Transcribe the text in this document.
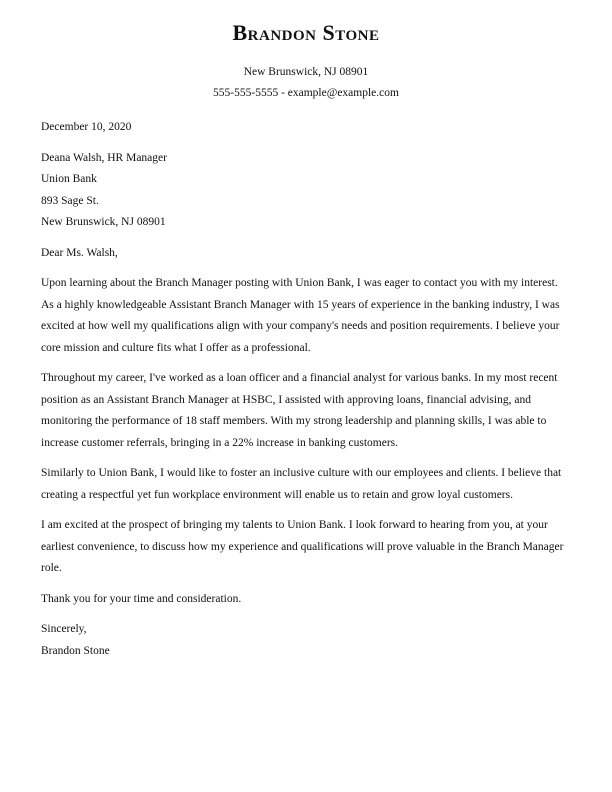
Brandon Stone

New Brunswick, NJ 08901

555-555-5555 - example@example.com

December 10, 2020

Deana Walsh, HR Manager

Union Bank

893 Sage St.

New Brunswick, NJ 08901

Dear Ms. Walsh,

Upon learning about the Branch Manager posting with Union Bank, I was eager to contact you with my interest. As a highly knowledgeable Assistant Branch Manager with 15 years of experience in the banking industry, I was excited at how well my qualifications align with your company's needs and position requirements. I believe your core mission and culture fits what I offer as a professional.

Throughout my career, I've worked as a loan officer and a financial analyst for various banks. In my most recent position as an Assistant Branch Manager at HSBC, I assisted with approving loans, financial advising, and monitoring the performance of 18 staff members. With my strong leadership and planning skills, I was able to increase customer referrals, bringing in a 22% increase in banking customers.

Similarly to Union Bank, I would like to foster an inclusive culture with our employees and clients. I believe that creating a respectful yet fun workplace environment will enable us to retain and grow loyal customers.

I am excited at the prospect of bringing my talents to Union Bank. I look forward to hearing from you, at your earliest convenience, to discuss how my experience and qualifications will prove valuable in the Branch Manager role.

Thank you for your time and consideration.

Sincerely,

Brandon Stone
